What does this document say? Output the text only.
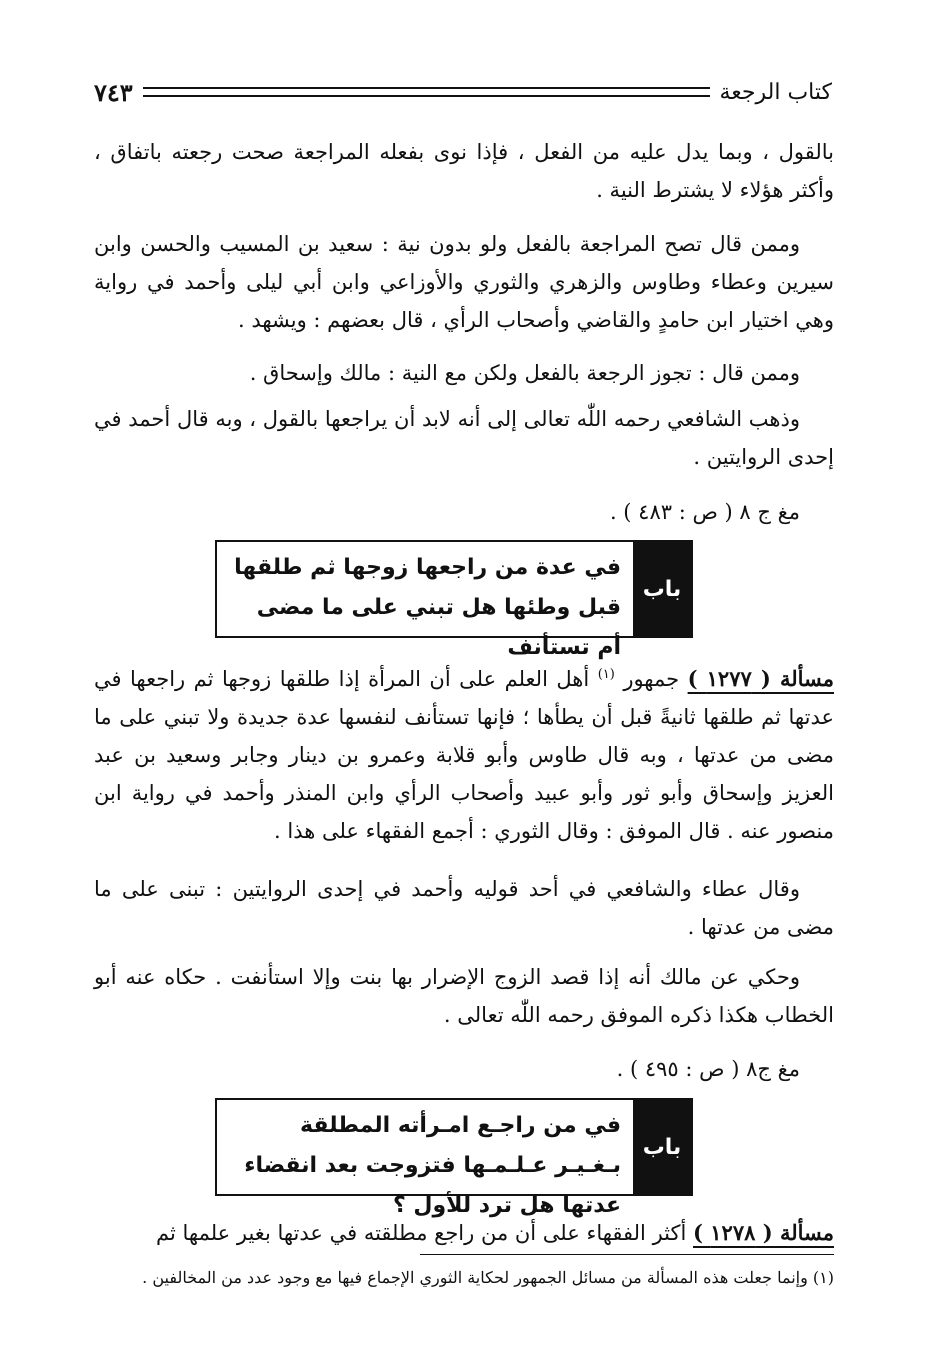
كتاب الرجعة
٧٤٣
بالقول ، وبما يدل عليه من الفعل ، فإذا نوى بفعله المراجعة صحت رجعته باتفاق ، وأكثر هؤلاء لا يشترط النية .
وممن قال تصح المراجعة بالفعل ولو بدون نية : سعيد بن المسيب والحسن وابن سيرين وعطاء وطاوس والزهري والثوري والأوزاعي وابن أبي ليلى وأحمد في رواية وهي اختيار ابن حامدٍ والقاضي وأصحاب الرأي ، قال بعضهم : ويشهد .
وممن قال : تجوز الرجعة بالفعل ولكن مع النية : مالك وإسحاق .
وذهب الشافعي رحمه اللّٰه تعالى إلى أنه لابد أن يراجعها بالقول ، وبه قال أحمد في إحدى الروايتين .
مغ ج ٨ ( ص : ٤٨٣ ) .
باب
في عدة من راجعها زوجها ثم طلقها قبل وطئها هل تبني على ما مضى أم تستأنف
مسألة ( ١٢٧٧ ) جمهور $^{(١)}$ أهل العلم على أن المرأة إذا طلقها زوجها ثم راجعها في عدتها ثم طلقها ثانيةً قبل أن يطأها ؛ فإنها تستأنف لنفسها عدة جديدة ولا تبني على ما مضى من عدتها ، وبه قال طاوس وأبو قلابة وعمرو بن دينار وجابر وسعيد بن عبد العزيز وإسحاق وأبو ثور وأبو عبيد وأصحاب الرأي وابن المنذر وأحمد في رواية ابن منصور عنه . قال الموفق : وقال الثوري : أجمع الفقهاء على هذا .
وقال عطاء والشافعي في أحد قوليه وأحمد في إحدى الروايتين : تبنى على ما مضى من عدتها .
وحكي عن مالك أنه إذا قصد الزوج الإضرار بها بنت وإلا استأنفت . حكاه عنه أبو الخطاب هكذا ذكره الموفق رحمه اللّٰه تعالى .
مغ ج٨ ( ص : ٤٩٥ ) .
باب
في من راجـع امـرأته المطلقة بـغـيـر عـلـمـها فتزوجت بعد انقضاء عدتها هل ترد للأول ؟
مسألة ( ١٢٧٨ ) أكثر الفقهاء على أن من راجع مطلقته في عدتها بغير علمها ثم
(١) وإنما جعلت هذه المسألة من مسائل الجمهور لحكاية الثوري الإجماع فيها مع وجود عدد من المخالفين .
